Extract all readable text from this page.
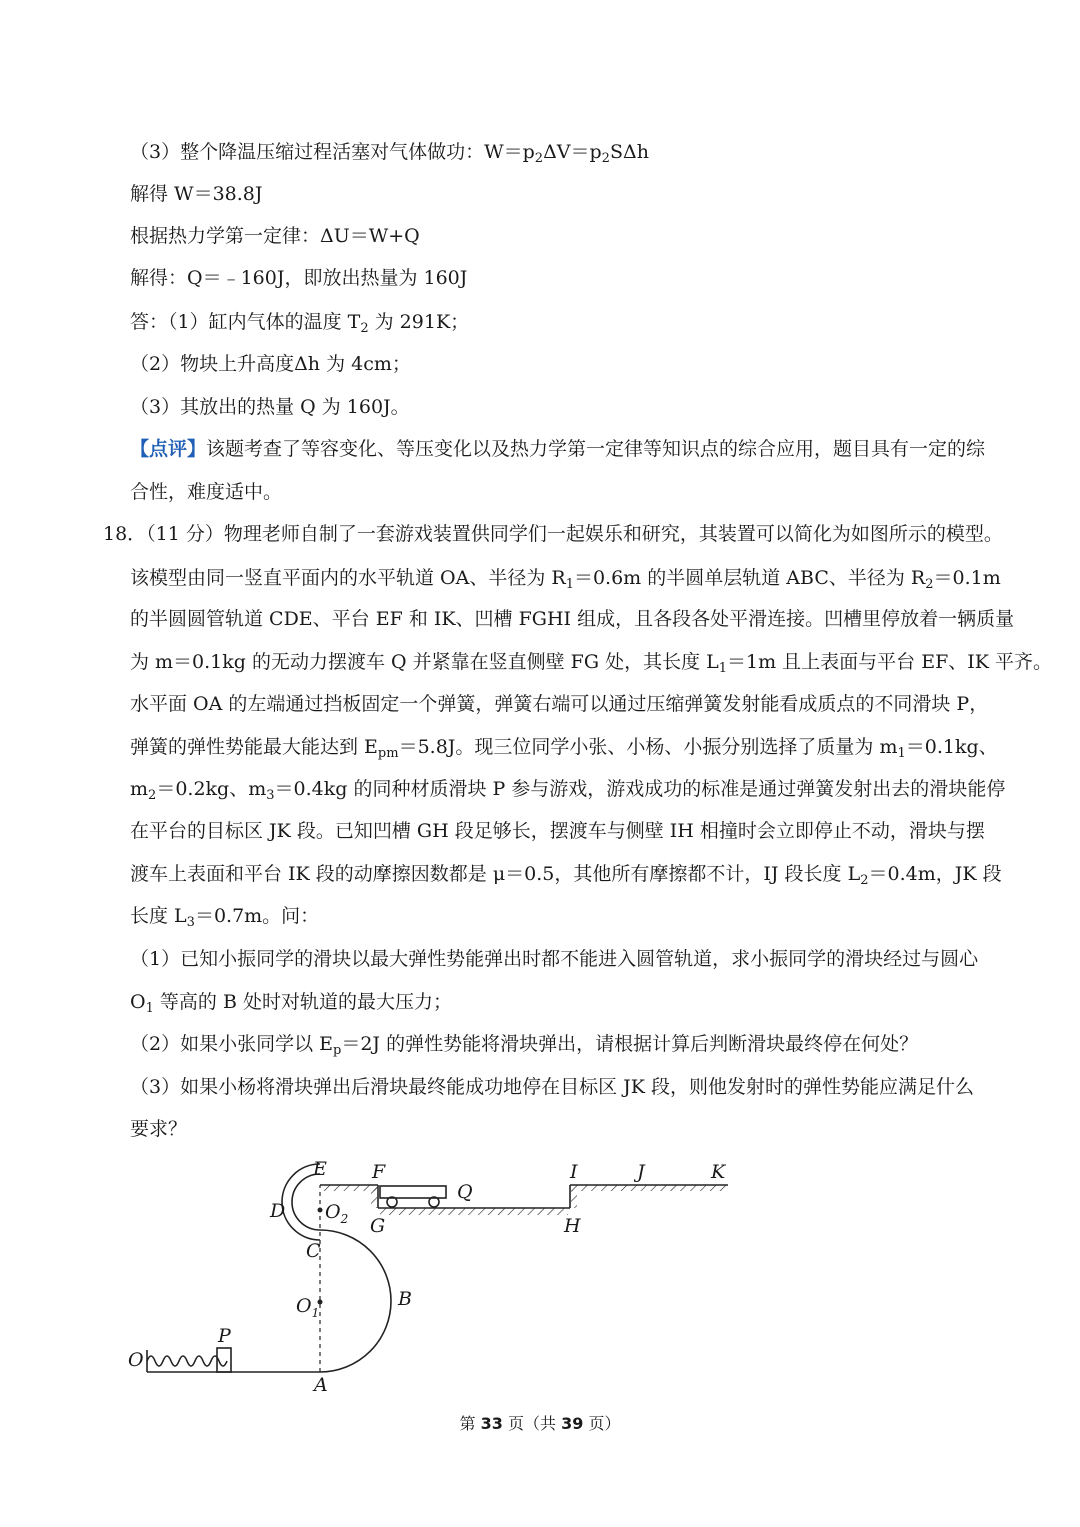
（3）整个降温压缩过程活塞对气体做功：$W=p_2\Delta V=p_2S\Delta h$
解得 W＝38.8J
根据热力学第一定律：ΔU＝W+Q
解得：Q＝﹣160J，即放出热量为 160J
答：（1）缸内气体的温度 $T_2$ 为 291K；
（2）物块上升高度Δh 为 4cm；
（3）其放出的热量 Q 为 160J。
【点评】该题考查了等容变化、等压变化以及热力学第一定律等知识点的综合应用，题目具有一定的综
合性，难度适中。
18．（11 分）物理老师自制了一套游戏装置供同学们一起娱乐和研究，其装置可以简化为如图所示的模型。
该模型由同一竖直平面内的水平轨道 OA、半径为 $R_1=0.6m$ 的半圆单层轨道 ABC、半径为 $R_2=0.1m$
的半圆圆管轨道 CDE、平台 EF 和 IK、凹槽 FGHI 组成，且各段各处平滑连接。凹槽里停放着一辆质量
为 m＝0.1kg 的无动力摆渡车 Q 并紧靠在竖直侧壁 FG 处，其长度 $L_1=1m$ 且上表面与平台 EF、IK 平齐。
水平面 OA 的左端通过挡板固定一个弹簧，弹簧右端可以通过压缩弹簧发射能看成质点的不同滑块 P，
弹簧的弹性势能最大能达到 $E_{pm}=5.8J$。现三位同学小张、小杨、小振分别选择了质量为 $m_1=0.1kg$、
$m_2=0.2kg$、$m_3=0.4kg$ 的同种材质滑块 P 参与游戏，游戏成功的标准是通过弹簧发射出去的滑块能停
在平台的目标区 JK 段。已知凹槽 GH 段足够长，摆渡车与侧壁 IH 相撞时会立即停止不动，滑块与摆
渡车上表面和平台 IK 段的动摩擦因数都是 μ＝0.5，其他所有摩擦都不计，IJ 段长度 $L_2=0.4m$，JK 段
长度 $L_3=0.7m$。问：
（1）已知小振同学的滑块以最大弹性势能弹出时都不能进入圆管轨道，求小振同学的滑块经过与圆心
$O_1$ 等高的 B 处时对轨道的最大压力；
（2）如果小张同学以 $E_p=2J$ 的弹性势能将滑块弹出，请根据计算后判断滑块最终停在何处？
（3）如果小杨将滑块弹出后滑块最终能成功地停在目标区 JK 段，则他发射时的弹性势能应满足什么
要求？
E F
Q
I	J	K
D $O_2$ G	H
C
B
$O_1$
P
O
A
第 33 页（共 39 页）
